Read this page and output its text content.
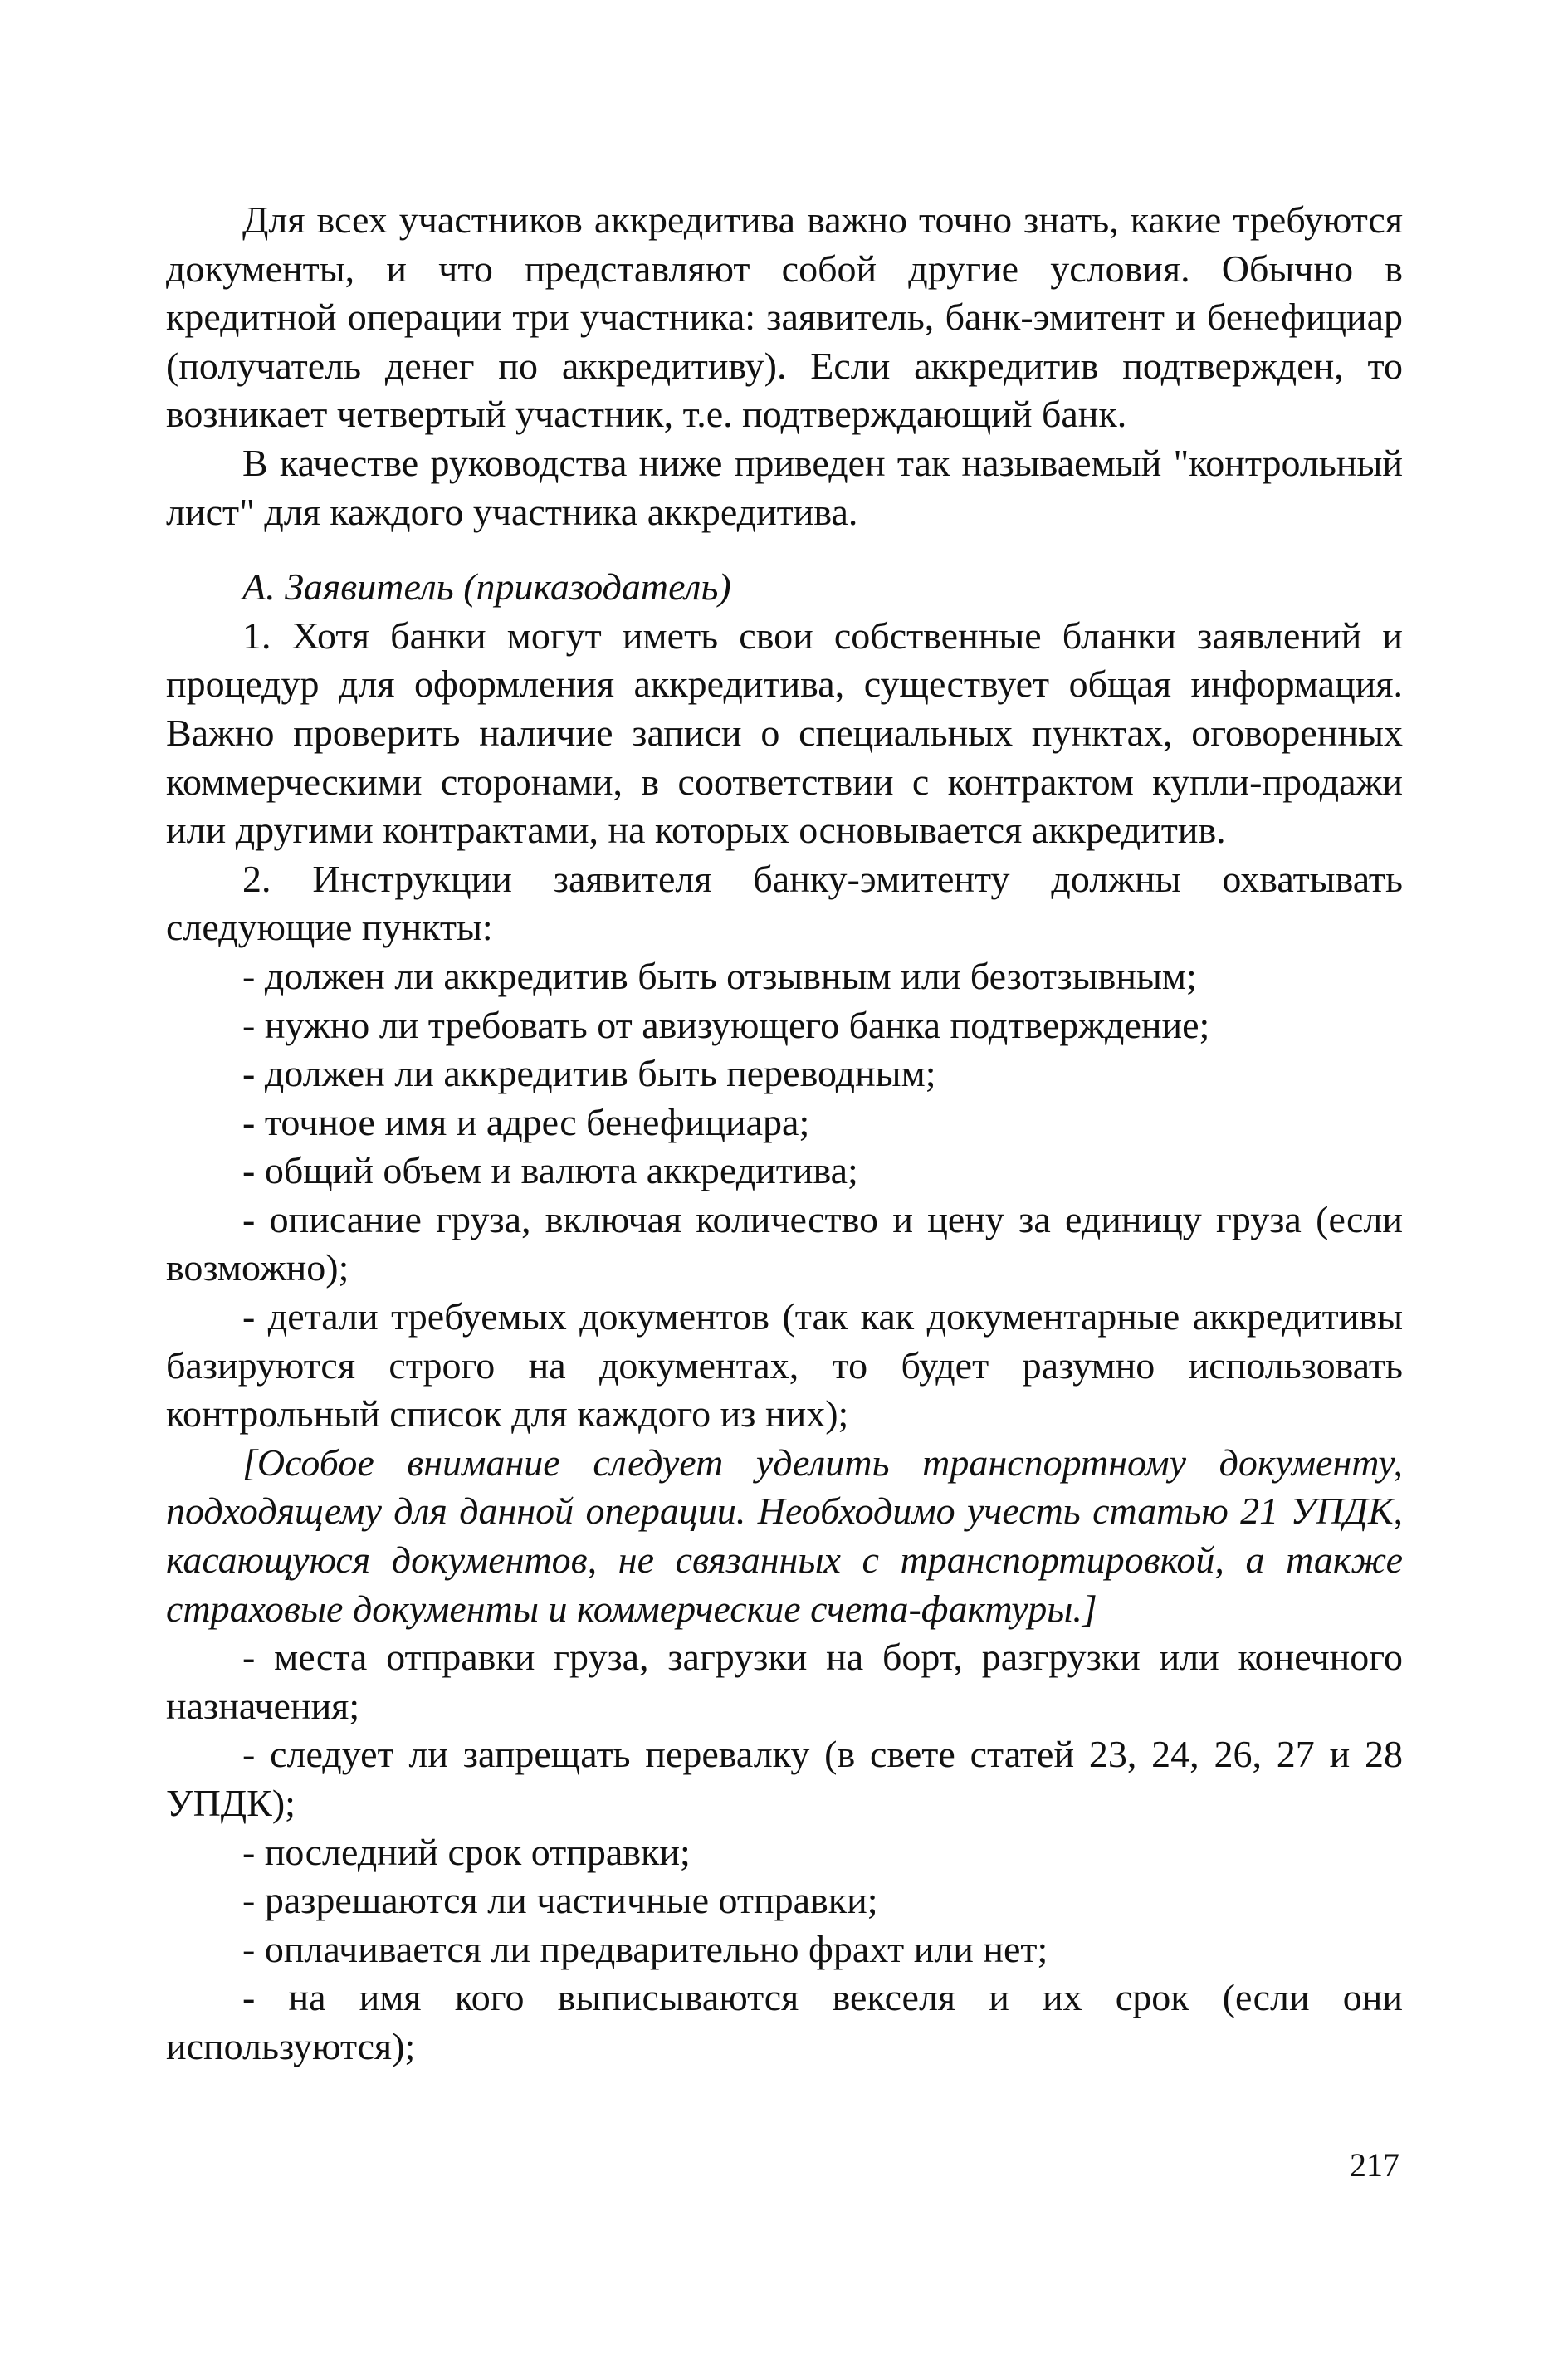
Для всех участников аккредитива важно точно знать, какие требуются документы, и что представляют собой другие условия. Обычно в кредитной операции три участника: заявитель, банк-эмитент и бенефициар (получатель денег по аккредитиву). Если аккредитив подтвержден, то возникает четвертый участник, т.е. подтверждающий банк.

В качестве руководства ниже приведен так называемый "контрольный лист" для каждого участника аккредитива.

А. Заявитель (приказодатель)

1. Хотя банки могут иметь свои собственные бланки заявлений и процедур для оформления аккредитива, существует общая информация. Важно проверить наличие записи о специальных пунктах, оговоренных коммерческими сторонами, в соответствии с контрактом купли-продажи или другими контрактами, на которых основывается аккредитив.

2. Инструкции заявителя банку-эмитенту должны охватывать следующие пункты:

- должен ли аккредитив быть отзывным или безотзывным;

- нужно ли требовать от авизующего банка подтверждение;

- должен ли аккредитив быть переводным;

- точное имя и адрес бенефициара;

- общий объем и валюта аккредитива;

- описание груза, включая количество и цену за единицу груза (если возможно);

- детали требуемых документов (так как документарные аккредитивы базируются строго на документах, то будет разумно использовать контрольный список для каждого из них);

[Особое внимание следует уделить транспортному документу, подходящему для данной операции. Необходимо учесть статью 21 УПДК, касающуюся документов, не связанных с транспортировкой, а также страховые документы и коммерческие счета-фактуры.]

- места отправки груза, загрузки на борт, разгрузки или конечного назначения;

- следует ли запрещать перевалку (в свете статей 23, 24, 26, 27 и 28 УПДК);

- последний срок отправки;

- разрешаются ли частичные отправки;

- оплачивается ли предварительно фрахт или нет;

- на имя кого выписываются векселя и их срок (если они используются);

217
